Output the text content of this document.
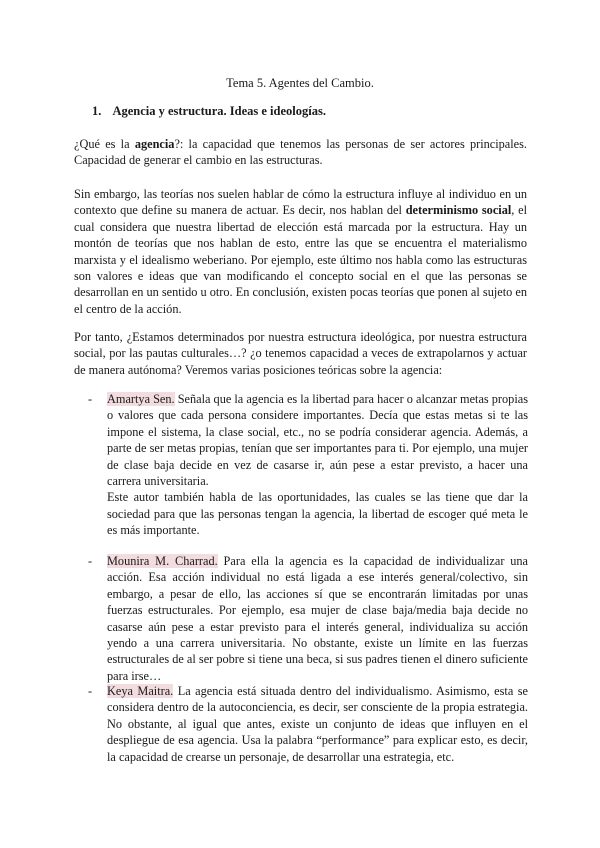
Tema 5. Agentes del Cambio.
1. Agencia y estructura. Ideas e ideologías.

¿Qué es la agencia?: la capacidad que tenemos las personas de ser actores principales. Capacidad de generar el cambio en las estructuras.

Sin embargo, las teorías nos suelen hablar de cómo la estructura influye al individuo en un contexto que define su manera de actuar. Es decir, nos hablan del determinismo social, el cual considera que nuestra libertad de elección está marcada por la estructura. Hay un montón de teorías que nos hablan de esto, entre las que se encuentra el materialismo marxista y el idealismo weberiano. Por ejemplo, este último nos habla como las estructuras son valores e ideas que van modificando el concepto social en el que las personas se desarrollan en un sentido u otro. En conclusión, existen pocas teorías que ponen al sujeto en el centro de la acción.

Por tanto, ¿Estamos determinados por nuestra estructura ideológica, por nuestra estructura social, por las pautas culturales…? ¿o tenemos capacidad a veces de extrapolarnos y actuar de manera autónoma? Veremos varias posiciones teóricas sobre la agencia:

- Amartya Sen. Señala que la agencia es la libertad para hacer o alcanzar metas propias o valores que cada persona considere importantes. Decía que estas metas si te las impone el sistema, la clase social, etc., no se podría considerar agencia. Además, a parte de ser metas propias, tenían que ser importantes para ti. Por ejemplo, una mujer de clase baja decide en vez de casarse ir, aún pese a estar previsto, a hacer una carrera universitaria.

Este autor también habla de las oportunidades, las cuales se las tiene que dar la sociedad para que las personas tengan la agencia, la libertad de escoger qué meta le es más importante.

- Mounira M. Charrad. Para ella la agencia es la capacidad de individualizar una acción. Esa acción individual no está ligada a ese interés general/colectivo, sin embargo, a pesar de ello, las acciones sí que se encontrarán limitadas por unas fuerzas estructurales. Por ejemplo, esa mujer de clase baja/media baja decide no casarse aún pese a estar previsto para el interés general, individualiza su acción yendo a una carrera universitaria. No obstante, existe un límite en las fuerzas estructurales de al ser pobre si tiene una beca, si sus padres tienen el dinero suficiente para irse…

- Keya Maitra. La agencia está situada dentro del individualismo. Asimismo, esta se considera dentro de la autoconciencia, es decir, ser consciente de la propia estrategia. No obstante, al igual que antes, existe un conjunto de ideas que influyen en el despliegue de esa agencia. Usa la palabra “performance” para explicar esto, es decir, la capacidad de crearse un personaje, de desarrollar una estrategia, etc.
